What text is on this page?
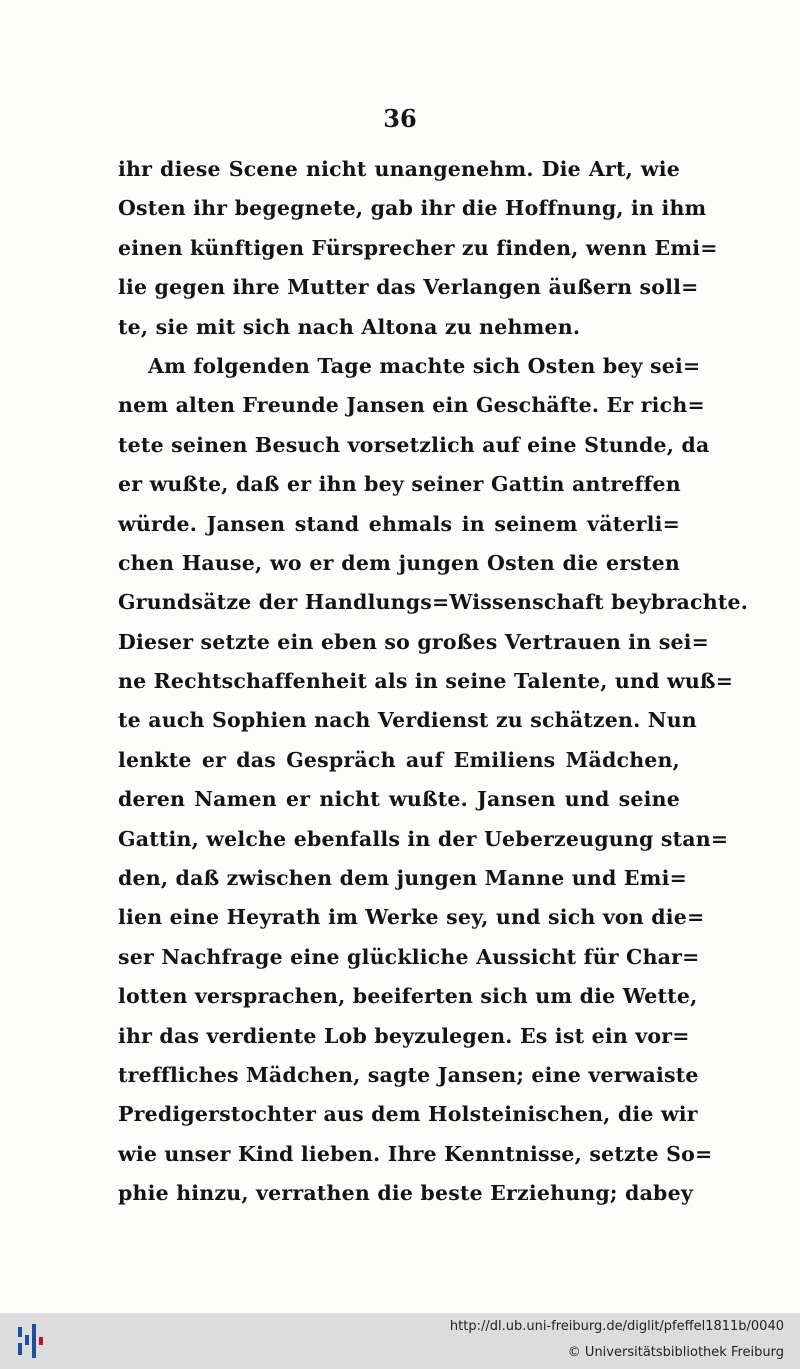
36
ihr diese Scene nicht unangenehm. Die Art, wie
Osten ihr begegnete, gab ihr die Hoffnung, in ihm
einen künftigen Fürsprecher zu finden, wenn Emi=
lie gegen ihre Mutter das Verlangen äußern soll=
te, sie mit sich nach Altona zu nehmen.
Am folgenden Tage machte sich Osten bey sei=
nem alten Freunde Jansen ein Geschäfte. Er rich=
tete seinen Besuch vorsetzlich auf eine Stunde, da
er wußte, daß er ihn bey seiner Gattin antreffen
würde. Jansen stand ehmals in seinem väterli=
chen Hause, wo er dem jungen Osten die ersten
Grundsätze der Handlungs=Wissenschaft beybrachte.
Dieser setzte ein eben so großes Vertrauen in sei=
ne Rechtschaffenheit als in seine Talente, und wuß=
te auch Sophien nach Verdienst zu schätzen. Nun
lenkte er das Gespräch auf Emiliens Mädchen,
deren Namen er nicht wußte. Jansen und seine
Gattin, welche ebenfalls in der Ueberzeugung stan=
den, daß zwischen dem jungen Manne und Emi=
lien eine Heyrath im Werke sey, und sich von die=
ser Nachfrage eine glückliche Aussicht für Char=
lotten versprachen, beeiferten sich um die Wette,
ihr das verdiente Lob beyzulegen. Es ist ein vor=
treffliches Mädchen, sagte Jansen; eine verwaiste
Predigerstochter aus dem Holsteinischen, die wir
wie unser Kind lieben. Ihre Kenntnisse, setzte So=
phie hinzu, verrathen die beste Erziehung; dabey
http://dl.ub.uni-freiburg.de/diglit/pfeffel1811b/0040
© Universitätsbibliothek Freiburg
